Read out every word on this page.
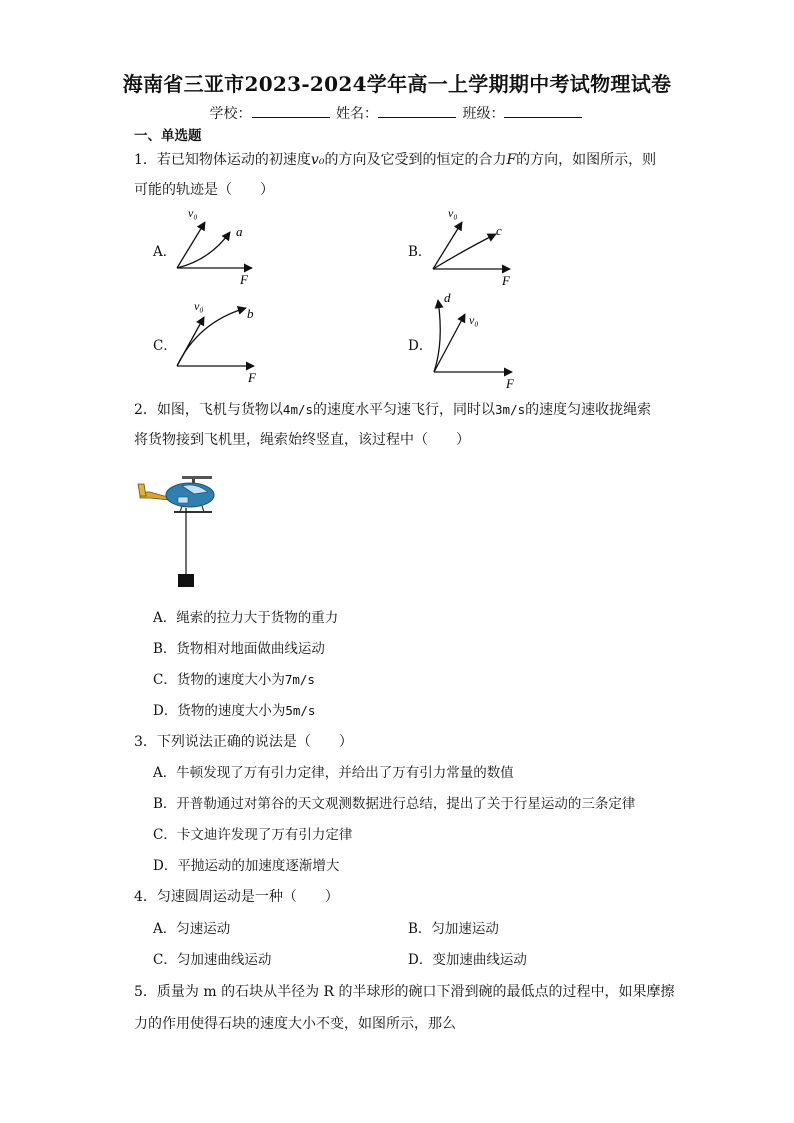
海南省三亚市2023-2024学年高一上学期期中考试物理试卷
学校：	姓名：	班级：
一、单选题
1．若已知物体运动的初速度v₀的方向及它受到的恒定的合力F的方向，如图所示，则
可能的轨迹是（　　）
A．
v₀
a
F
B．
v₀
c
F
C．
v₀	b
F
D．
d
v₀
F
2．如图，飞机与货物以4m/s的速度水平匀速飞行，同时以3m/s的速度匀速收拢绳索
将货物接到飞机里，绳索始终竖直，该过程中（　　）
A．绳索的拉力大于货物的重力
B．货物相对地面做曲线运动
C．货物的速度大小为7m/s
D．货物的速度大小为5m/s
3．下列说法正确的说法是（　　）
A．牛顿发现了万有引力定律，并给出了万有引力常量的数值
B．开普勒通过对第谷的天文观测数据进行总结，提出了关于行星运动的三条定律
C．卡文迪许发现了万有引力定律
D．平抛运动的加速度逐渐增大
4．匀速圆周运动是一种（　　）
A．匀速运动	B．匀加速运动
C．匀加速曲线运动	D．变加速曲线运动
5．质量为 m 的石块从半径为 R 的半球形的碗口下滑到碗的最低点的过程中，如果摩擦
力的作用使得石块的速度大小不变，如图所示，那么
